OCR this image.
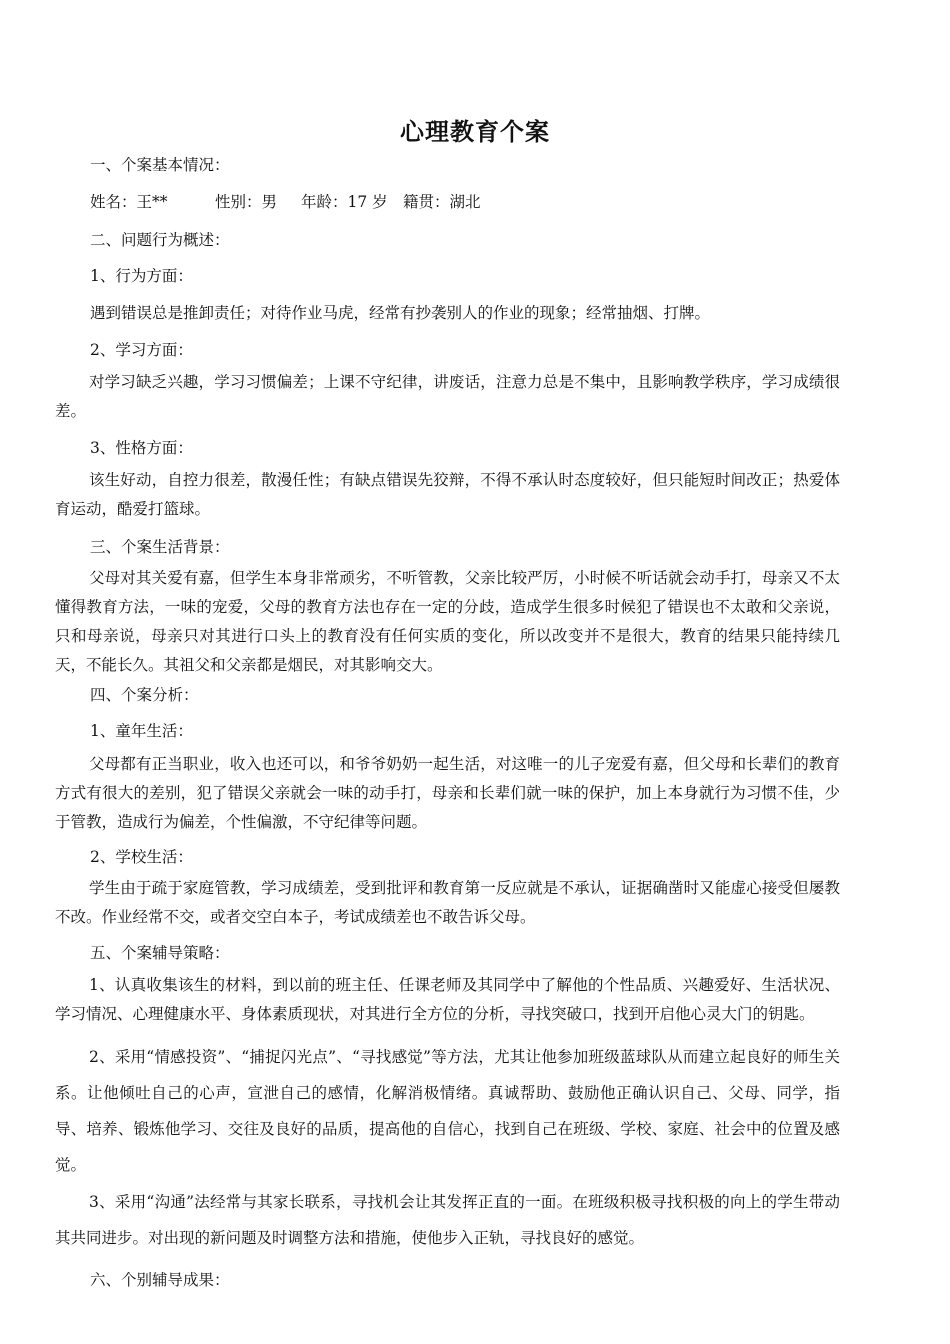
心理教育个案
一、个案基本情况：
姓名：王**	性别：男 年龄：17 岁 籍贯：湖北
二、问题行为概述：
1、行为方面：
遇到错误总是推卸责任；对待作业马虎，经常有抄袭别人的作业的现象；经常抽烟、打牌。
2、学习方面：
对学习缺乏兴趣，学习习惯偏差；上课不守纪律，讲废话，注意力总是不集中，且影响教学秩序，学习成绩很差。
3、性格方面：
该生好动，自控力很差，散漫任性；有缺点错误先狡辩，不得不承认时态度较好，但只能短时间改正；热爱体育运动，酷爱打篮球。
三、个案生活背景：
父母对其关爱有嘉，但学生本身非常顽劣，不听管教，父亲比较严厉，小时候不听话就会动手打，母亲又不太懂得教育方法，一味的宠爱，父母的教育方法也存在一定的分歧，造成学生很多时候犯了错误也不太敢和父亲说，只和母亲说，母亲只对其进行口头上的教育没有任何实质的变化，所以改变并不是很大，教育的结果只能持续几天，不能长久。其祖父和父亲都是烟民，对其影响交大。
四、个案分析：
1、童年生活：
父母都有正当职业，收入也还可以，和爷爷奶奶一起生活，对这唯一的儿子宠爱有嘉，但父母和长辈们的教育方式有很大的差别，犯了错误父亲就会一味的动手打，母亲和长辈们就一味的保护，加上本身就行为习惯不佳，少于管教，造成行为偏差，个性偏激，不守纪律等问题。
2、学校生活：
学生由于疏于家庭管教，学习成绩差，受到批评和教育第一反应就是不承认，证据确凿时又能虚心接受但屡教不改。作业经常不交，或者交空白本子，考试成绩差也不敢告诉父母。
五、个案辅导策略：
1、认真收集该生的材料，到以前的班主任、任课老师及其同学中了解他的个性品质、兴趣爱好、生活状况、学习情况、心理健康水平、身体素质现状，对其进行全方位的分析，寻找突破口，找到开启他心灵大门的钥匙。
2、采用“情感投资”、“捕捉闪光点”、“寻找感觉”等方法，尤其让他参加班级蓝球队从而建立起良好的师生关系。让他倾吐自己的心声，宣泄自己的感情，化解消极情绪。真诚帮助、鼓励他正确认识自己、父母、同学，指导、培养、锻炼他学习、交往及良好的品质，提高他的自信心，找到自己在班级、学校、家庭、社会中的位置及感觉。
3、采用“沟通”法经常与其家长联系，寻找机会让其发挥正直的一面。在班级积极寻找积极的向上的学生带动其共同进步。对出现的新问题及时调整方法和措施，使他步入正轨，寻找良好的感觉。
六、个别辅导成果：
